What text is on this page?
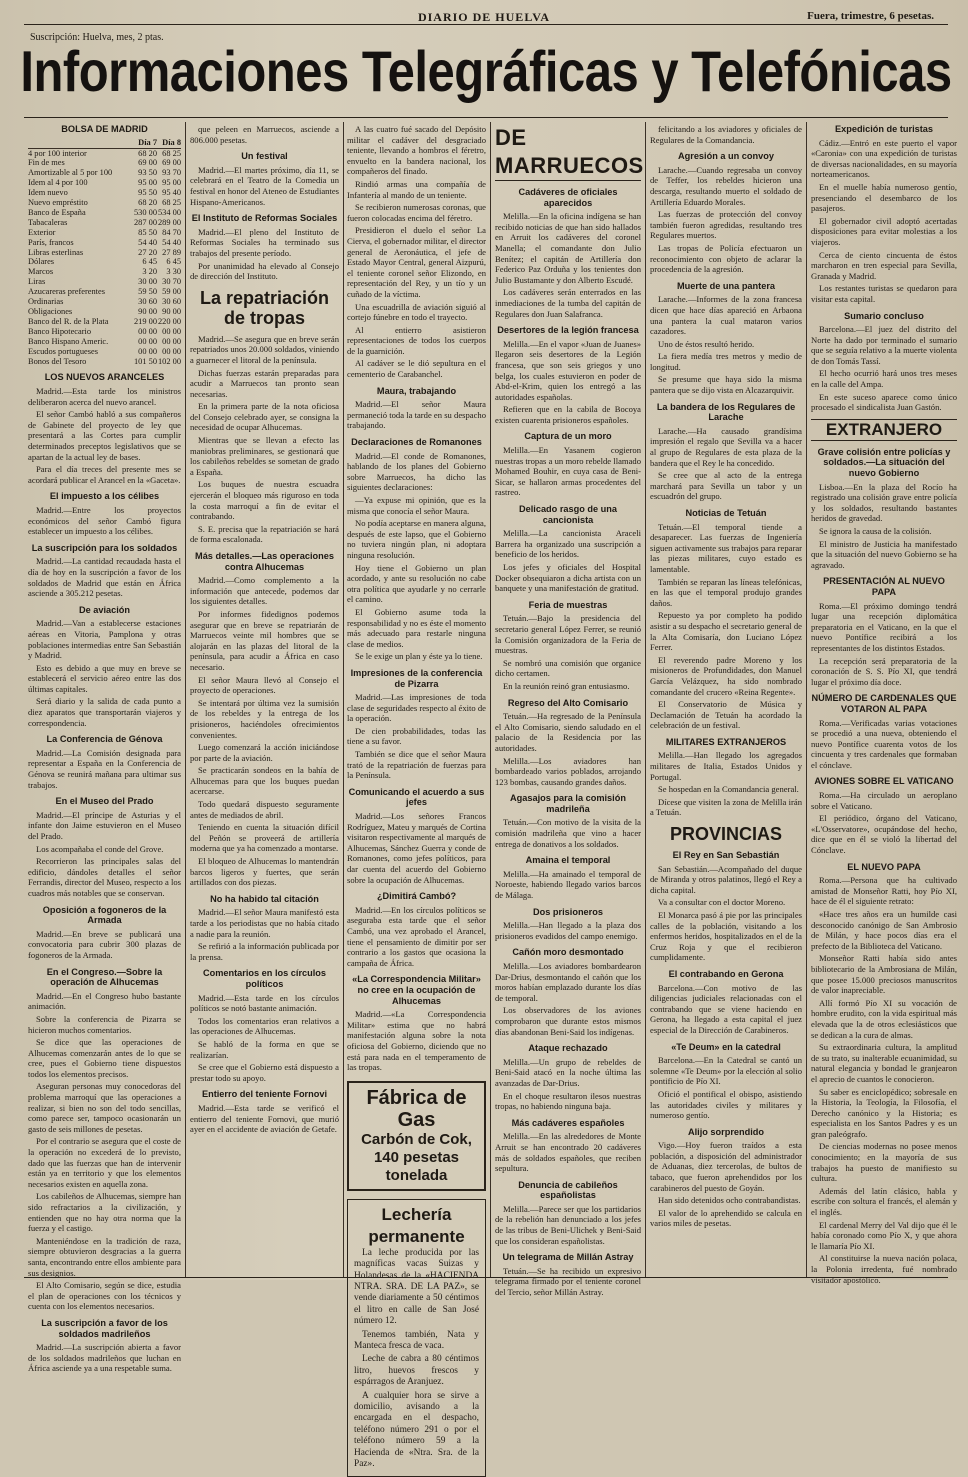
Fuera, trimestre, 6 pesetas.
DIARIO DE HUELVA
Suscripción: Huelva, mes, 2 ptas.
Informaciones Telegráficas y Telefónicas
BOLSA DE MADRID
	Día 7	Día 8
4 por 100 interior	68 20	68 25
Fin de mes	69 00	69 00
Amortizable al 5 por 100	93 50	93 70
Idem al 4 por 100	95 00	95 00
Idem nuevo	95 50	95 40
Nuevo empréstito	68 20	68 25
Banco de España	530 00	534 00
Tabacaleras	287 00	289 00
Exterior	85 50	84 70
París, francos	54 40	54 40
Libras esterlinas	27 20	27 89
Dólares	6 45	6 45
Marcos	3 20	3 30
Liras	30 00	30 70
Azucareras preferentes	59 50	59 00
Ordinarias	30 60	30 60
Obligaciones	90 00	90 00
Banco del R. de la Plata	219 00	220 00
Banco Hipotecario	00 00	00 00
Banco Hispano Americ.	00 00	00 00
Escudos portugueses	00 00	00 00
Bonos del Tesoro	101 50	102 00
LOS NUEVOS ARANCELES

Madrid.—Esta tarde los ministros deliberaron acerca del nuevo arancel.

El señor Cambó habló a sus compañeros de Gabinete del proyecto de ley que presentará a las Cortes para cumplir determinados preceptos legislativos que se apartan de la actual ley de bases.

Para el día treces del presente mes se acordará publicar el Arancel en la «Gaceta».

El impuesto a los célibes

Madrid.—Entre los proyectos económicos del señor Cambó figura establecer un impuesto a los célibes.

La suscripción para los soldados

Madrid.—La cantidad recaudada hasta el día de hoy en la suscripción a favor de los soldados de Madrid que están en África asciende a 305.212 pesetas.

De aviación

Madrid.—Van a establecerse estaciones aéreas en Vitoria, Pamplona y otras poblaciones intermedias entre San Sebastián y Madrid.

Esto es debido a que muy en breve se establecerá el servicio aéreo entre las dos últimas capitales.

Será diario y la salida de cada punto a diez aparatos que transportarán viajeros y correspondencia.

La Conferencia de Génova

Madrid.—La Comisión designada para representar a España en la Conferencia de Génova se reunirá mañana para ultimar sus trabajos.

En el Museo del Prado

Madrid.—El príncipe de Asturias y el infante don Jaime estuvieron en el Museo del Prado.

Los acompañaba el conde del Grove.

Recorrieron las principales salas del edificio, dándoles detalles el señor Ferrandis, director del Museo, respecto a los cuadros más notables que se conservan.

Oposición a fogoneros de la Armada

Madrid.—En breve se publicará una convocatoria para cubrir 300 plazas de fogoneros de la Armada.

En el Congreso.—Sobre la operación de Alhucemas

Madrid.—En el Congreso hubo bastante animación.

Sobre la conferencia de Pizarra se hicieron muchos comentarios.

Se dice que las operaciones de Alhucemas comenzarán antes de lo que se cree, pues el Gobierno tiene dispuestos todos los elementos precisos.

Aseguran personas muy conocedoras del problema marroquí que las operaciones a realizar, si bien no son del todo sencillas, como parece ser, tampoco ocasionarán un gasto de seis millones de pesetas.

Por el contrario se asegura que el coste de la operación no excederá de lo previsto, dado que las fuerzas que han de intervenir están ya en territorio y que los elementos necesarios existen en aquella zona.

Los cabileños de Alhucemas, siempre han sido refractarios a la civilización, y entienden que no hay otra norma que la fuerza y el castigo.

Manteniéndose en la tradición de raza, siempre obtuvieron desgracias a la guerra santa, encontrando entre ellos ambiente para sus designios.

El Alto Comisario, según se dice, estudia el plan de operaciones con los técnicos y cuenta con los elementos necesarios.

La suscripción a favor de los soldados madrileños

Madrid.—La suscripción abierta a favor de los soldados madrileños que luchan en África asciende ya a una respetable suma.

que peleen en Marruecos, asciende a 806.000 pesetas.

Un festival

Madrid.—El martes próximo, día 11, se celebrará en el Teatro de la Comedia un festival en honor del Ateneo de Estudiantes Hispano-Americanos.

El Instituto de Reformas Sociales

Madrid.—El pleno del Instituto de Reformas Sociales ha terminado sus trabajos del presente período.

Por unanimidad ha elevado al Consejo de dirección del Instituto.

La repatriación de tropas

Madrid.—Se asegura que en breve serán repatriados unos 20.000 soldados, viniendo a guarnecer el litoral de la península.

Dichas fuerzas estarán preparadas para acudir a Marruecos tan pronto sean necesarias.

En la primera parte de la nota oficiosa del Consejo celebrado ayer, se consigna la necesidad de ocupar Alhucemas.

Mientras que se llevan a efecto las maniobras preliminares, se gestionará que los cabileños rebeldes se sometan de grado a España.

Los buques de nuestra escuadra ejercerán el bloqueo más riguroso en toda la costa marroquí a fin de evitar el contrabando.

S. E. precisa que la repatriación se hará de forma escalonada.

Más detalles.—Las operaciones contra Alhucemas

Madrid.—Como complemento a la información que antecede, podemos dar los siguientes detalles.

Por informes fidedignos podemos asegurar que en breve se repatriarán de Marruecos veinte mil hombres que se alojarán en las plazas del litoral de la península, para acudir a África en caso necesario.

El señor Maura llevó al Consejo el proyecto de operaciones.

Se intentará por última vez la sumisión de los rebeldes y la entrega de los prisioneros, haciéndoles ofrecimientos convenientes.

Luego comenzará la acción iniciándose por parte de la aviación.

Se practicarán sondeos en la bahía de Alhucemas para que los buques puedan acercarse.

Todo quedará dispuesto seguramente antes de mediados de abril.

Teniendo en cuenta la situación difícil del Peñón se proveerá de artillería moderna que ya ha comenzado a montarse.

El bloqueo de Alhucemas lo mantendrán barcos ligeros y fuertes, que serán artillados con dos piezas.

No ha habido tal citación

Madrid.—El señor Maura manifestó esta tarde a los periodistas que no había citado a nadie para la reunión.

Se refirió a la información publicada por la prensa.

Comentarios en los círculos políticos

Madrid.—Esta tarde en los círculos políticos se notó bastante animación.

Todos los comentarios eran relativos a las operaciones de Alhucemas.

Se habló de la forma en que se realizarían.

Se cree que el Gobierno está dispuesto a prestar todo su apoyo.

Entierro del teniente Fornovi

Madrid.—Esta tarde se verificó el entierro del teniente Fornovi, que murió ayer en el accidente de aviación de Getafe.

A las cuatro fué sacado del Depósito militar el cadáver del desgraciado teniente, llevando a hombros el féretro, envuelto en la bandera nacional, los compañeros del finado.

Rindió armas una compañía de Infantería al mando de un teniente.

Se recibieron numerosas coronas, que fueron colocadas encima del féretro.

Presidieron el duelo el señor La Cierva, el gobernador militar, el director general de Aeronáutica, el jefe de Estado Mayor Central, general Aizpurú, el teniente coronel señor Elizondo, en representación del Rey, y un tío y un cuñado de la víctima.

Una escuadrilla de aviación siguió al cortejo fúnebre en todo el trayecto.

Al entierro asistieron representaciones de todos los cuerpos de la guarnición.

Al cadáver se le dió sepultura en el cementerio de Carabanchel.

Maura, trabajando

Madrid.—El señor Maura permaneció toda la tarde en su despacho trabajando.

Declaraciones de Romanones

Madrid.—El conde de Romanones, hablando de los planes del Gobierno sobre Marruecos, ha dicho las siguientes declaraciones:

—Ya expuse mi opinión, que es la misma que conocía el señor Maura.

No podía aceptarse en manera alguna, después de este lapso, que el Gobierno no tuviera ningún plan, ni adoptara ninguna resolución.

Hoy tiene el Gobierno un plan acordado, y ante su resolución no cabe otra política que ayudarle y no cerrarle el camino.

El Gobierno asume toda la responsabilidad y no es éste el momento más adecuado para restarle ninguna clase de medios.

Se le exige un plan y éste ya lo tiene.

Impresiones de la conferencia de Pizarra

Madrid.—Las impresiones de toda clase de seguridades respecto al éxito de la operación.

De cien probabilidades, todas las tiene a su favor.

También se dice que el señor Maura trató de la repatriación de fuerzas para la Península.

Comunicando el acuerdo a sus jefes

Madrid.—Los señores Francos Rodríguez, Mateu y marqués de Cortina visitaron respectivamente al marqués de Alhucemas, Sánchez Guerra y conde de Romanones, como jefes políticos, para dar cuenta del acuerdo del Gobierno sobre la ocupación de Alhucemas.

¿Dimitirá Cambó?

Madrid.—En los círculos políticos se aseguraba esta tarde que el señor Cambó, una vez aprobado el Arancel, tiene el pensamiento de dimitir por ser contrario a los gastos que ocasiona la campaña de África.

«La Correspondencia Militar» no cree en la ocupación de Alhucemas

Madrid.—«La Correspondencia Militar» estima que no habrá manifestación alguna sobre la nota oficiosa del Gobierno, diciendo que no está para nada en el temperamento de las tropas.

Fábrica de Gas
Carbón de Cok, 140 pesetas tonelada
Lechería permanente

La leche producida por las magníficas vacas Suizas y Holandesas de la «HACIENDA NTRA. SRA. DE LA PAZ», se vende diariamente a 50 céntimos el litro en calle de San José número 12.

Tenemos también, Nata y Manteca fresca de vaca.

Leche de cabra a 80 céntimos litro, huevos frescos y espárragos de Aranjuez.

A cualquier hora se sirve a domicilio, avisando a la encargada en el despacho, teléfono número 291 o por el teléfono número 59 a la Hacienda de «Ntra. Sra. de la Paz».

DE MARRUECOS
Cadáveres de oficiales aparecidos

Melilla.—En la oficina indígena se han recibido noticias de que han sido hallados en Arruit los cadáveres del coronel Manella; el comandante don Julio Benítez; el capitán de Artillería don Federico Paz Orduña y los tenientes don Julio Bustamante y don Alberto Escudé.

Los cadáveres serán enterrados en las inmediaciones de la tumba del capitán de Regulares don Juan Salafranca.

Desertores de la legión francesa

Melilla.—En el vapor «Juan de Juanes» llegaron seis desertores de la Legión francesa, que son seis griegos y uno belga, los cuales estuvieron en poder de Abd-el-Krim, quien los entregó a las autoridades españolas.

Refieren que en la cabila de Bocoya existen cuarenta prisioneros españoles.

Captura de un moro

Melilla.—En Yasanem cogieron nuestras tropas a un moro rebelde llamado Mohamed Bouhir, en cuya casa de Beni-Sicar, se hallaron armas procedentes del rastreo.

Delicado rasgo de una cancionista

Melilla.—La cancionista Araceli Barrera ha organizado una suscripción a beneficio de los heridos.

Los jefes y oficiales del Hospital Docker obsequiaron a dicha artista con un banquete y una manifestación de gratitud.

Feria de muestras

Tetuán.—Bajo la presidencia del secretario general López Ferrer, se reunió la Comisión organizadora de la Feria de muestras.

Se nombró una comisión que organice dicho certamen.

En la reunión reinó gran entusiasmo.

Regreso del Alto Comisario

Tetuán.—Ha regresado de la Península el Alto Comisario, siendo saludado en el palacio de la Residencia por las autoridades.

Melilla.—Los aviadores han bombardeado varios poblados, arrojando 123 bombas, causando grandes daños.

Agasajos para la comisión madrileña

Tetuán.—Con motivo de la visita de la comisión madrileña que vino a hacer entrega de donativos a los soldados.

Amaina el temporal

Melilla.—Ha amainado el temporal de Noroeste, habiendo llegado varios barcos de Málaga.

Dos prisioneros

Melilla.—Han llegado a la plaza dos prisioneros evadidos del campo enemigo.

Cañón moro desmontado

Melilla.—Los aviadores bombardearon Dar-Drius, desmontando el cañón que los moros habían emplazado durante los días de temporal.

Los observadores de los aviones comprobaron que durante estos mismos días abandonan Beni-Said los indígenas.

Ataque rechazado

Melilla.—Un grupo de rebeldes de Beni-Said atacó en la noche última las avanzadas de Dar-Drius.

En el choque resultaron ilesos nuestras tropas, no habiendo ninguna baja.

Más cadáveres españoles

Melilla.—En las alrededores de Monte Arruit se han encontrado 20 cadáveres más de soldados españoles, que reciben sepultura.

Denuncia de cabileños españolistas

Melilla.—Parece ser que los partidarios de la rebelión han denunciado a los jefes de las tribus de Beni-Ulichek y Beni-Said que los consideran españolistas.

Un telegrama de Millán Astray

Tetuán.—Se ha recibido un expresivo telegrama firmado por el teniente coronel del Tercio, señor Millán Astray.

felicitando a los aviadores y oficiales de Regulares de la Comandancia.

Agresión a un convoy

Larache.—Cuando regresaba un convoy de Teffer, los rebeldes hicieron una descarga, resultando muerto el soldado de Artillería Eduardo Morales.

Las fuerzas de protección del convoy también fueron agredidas, resultando tres Regulares muertos.

Las tropas de Policía efectuaron un reconocimiento con objeto de aclarar la procedencia de la agresión.

Muerte de una pantera

Larache.—Informes de la zona francesa dicen que hace días apareció en Arbaona una pantera la cual mataron varios cazadores.

Uno de éstos resultó herido.

La fiera medía tres metros y medio de longitud.

Se presume que haya sido la misma pantera que se dijo vista en Alcazarquivir.

La bandera de los Regulares de Larache

Larache.—Ha causado grandísima impresión el regalo que Sevilla va a hacer al grupo de Regulares de esta plaza de la bandera que el Rey le ha concedido.

Se cree que al acto de la entrega marchará para Sevilla un tabor y un escuadrón del grupo.

Noticias de Tetuán

Tetuán.—El temporal tiende a desaparecer. Las fuerzas de Ingeniería siguen activamente sus trabajos para reparar las piezas militares, cuyo estado es lamentable.

También se reparan las líneas telefónicas, en las que el temporal produjo grandes daños.

Repuesto ya por completo ha podido asistir a su despacho el secretario general de la Alta Comisaría, don Luciano López Ferrer.

El reverendo padre Moreno y los misioneros de Profundidades, don Manuel García Velázquez, ha sido nombrado comandante del crucero «Reina Regente».

El Conservatorio de Música y Declamación de Tetuán ha acordado la celebración de un festival.

MILITARES EXTRANJEROS

Melilla.—Han llegado los agregados militares de Italia, Estados Unidos y Portugal.

Se hospedan en la Comandancia general.

Dícese que visiten la zona de Melilla irán a Tetuán.

PROVINCIAS
El Rey en San Sebastián

San Sebastián.—Acompañado del duque de Miranda y otros palatinos, llegó el Rey a dicha capital.

Va a consultar con el doctor Moreno.

El Monarca pasó á pie por las principales calles de la población, visitando a los enfermos heridos, hospitalizados en el de la Cruz Roja y que el recibieron cumplidamente.

El contrabando en Gerona

Barcelona.—Con motivo de las diligencias judiciales relacionadas con el contrabando que se viene haciendo en Gerona, ha llegado a esta capital el juez especial de la Dirección de Carabineros.

«Te Deum» en la catedral

Barcelona.—En la Catedral se cantó un solemne «Te Deum» por la elección al solio pontificio de Pío XI.

Ofició el pontifical el obispo, asistiendo las autoridades civiles y militares y numeroso gentío.

Alijo sorprendido

Vigo.—Hoy fueron traídos a esta población, a disposición del administrador de Aduanas, diez tercerolas, de bultos de tabaco, que fueron aprehendidos por los carabineros del puesto de Goyán.

Han sido detenidos ocho contrabandistas.

El valor de lo aprehendido se calcula en varios miles de pesetas.

Expedición de turistas

Cádiz.—Entró en este puerto el vapor «Caronia» con una expedición de turistas de diversas nacionalidades, en su mayoría norteamericanos.

En el muelle había numeroso gentío, presenciando el desembarco de los pasajeros.

El gobernador civil adoptó acertadas disposiciones para evitar molestias a los viajeros.

Cerca de ciento cincuenta de éstos marcharon en tren especial para Sevilla, Granada y Madrid.

Los restantes turistas se quedaron para visitar esta capital.

Sumario concluso

Barcelona.—El juez del distrito del Norte ha dado por terminado el sumario que se seguía relativo a la muerte violenta de don Tomás Tassí.

El hecho ocurrió hará unos tres meses en la calle del Ampa.

En este suceso aparece como único procesado el sindicalista Juan Gastón.

EXTRANJERO
Grave colisión entre policías y soldados.—La situación del nuevo Gobierno

Lisboa.—En la plaza del Rocío ha registrado una colisión grave entre policía y los soldados, resultando bastantes heridos de gravedad.

Se ignora la causa de la colisión.

El ministro de Justicia ha manifestado que la situación del nuevo Gobierno se ha agravado.

PRESENTACIÓN AL NUEVO PAPA

Roma.—El próximo domingo tendrá lugar una recepción diplomática preparatoria en el Vaticano, en la que el nuevo Pontífice recibirá a los representantes de los distintos Estados.

La recepción será preparatoria de la coronación de S. S. Pío XI, que tendrá lugar el próximo día doce.

NÚMERO DE CARDENALES QUE VOTARON AL PAPA

Roma.—Verificadas varias votaciones se procedió a una nueva, obteniendo el nuevo Pontífice cuarenta votos de los cincuenta y tres cardenales que formaban el cónclave.

AVIONES SOBRE EL VATICANO

Roma.—Ha circulado un aeroplano sobre el Vaticano.

El periódico, órgano del Vaticano, «L'Osservatore», ocupándose del hecho, dice que en él se violó la libertad del Cónclave.

EL NUEVO PAPA

Roma.—Persona que ha cultivado amistad de Monseñor Ratti, hoy Pío XI, hace de él el siguiente retrato:

«Hace tres años era un humilde casi desconocido canónigo de San Ambrosio de Milán, y hace pocos días era el prefecto de la Biblioteca del Vaticano.

Monseñor Ratti había sido antes bibliotecario de la Ambrosiana de Milán, que posee 15.000 preciosos manuscritos de valor inapreciable.

Allí formó Pío XI su vocación de hombre erudito, con la vida espiritual más elevada que la de otros eclesiásticos que se dedican a la cura de almas.

Su extraordinaria cultura, la amplitud de su trato, su inalterable ecuanimidad, su natural elegancia y bondad le granjearon el aprecio de cuantos le conocieron.

Su saber es enciclopédico; sobresale en la Historia, la Teología, la Filosofía, el Derecho canónico y la Historia; es especialista en los Santos Padres y es un gran paleógrafo.

De ciencias modernas no posee menos conocimiento; en la mayoría de sus trabajos ha puesto de manifiesto su cultura.

Además del latín clásico, habla y escribe con soltura el francés, el alemán y el inglés.

El cardenal Merry del Val dijo que él le había coronado como Pío X, y que ahora le llamaría Pío XI.

Al constituirse la nueva nación polaca, la Polonia irredenta, fué nombrado visitador apostólico.
